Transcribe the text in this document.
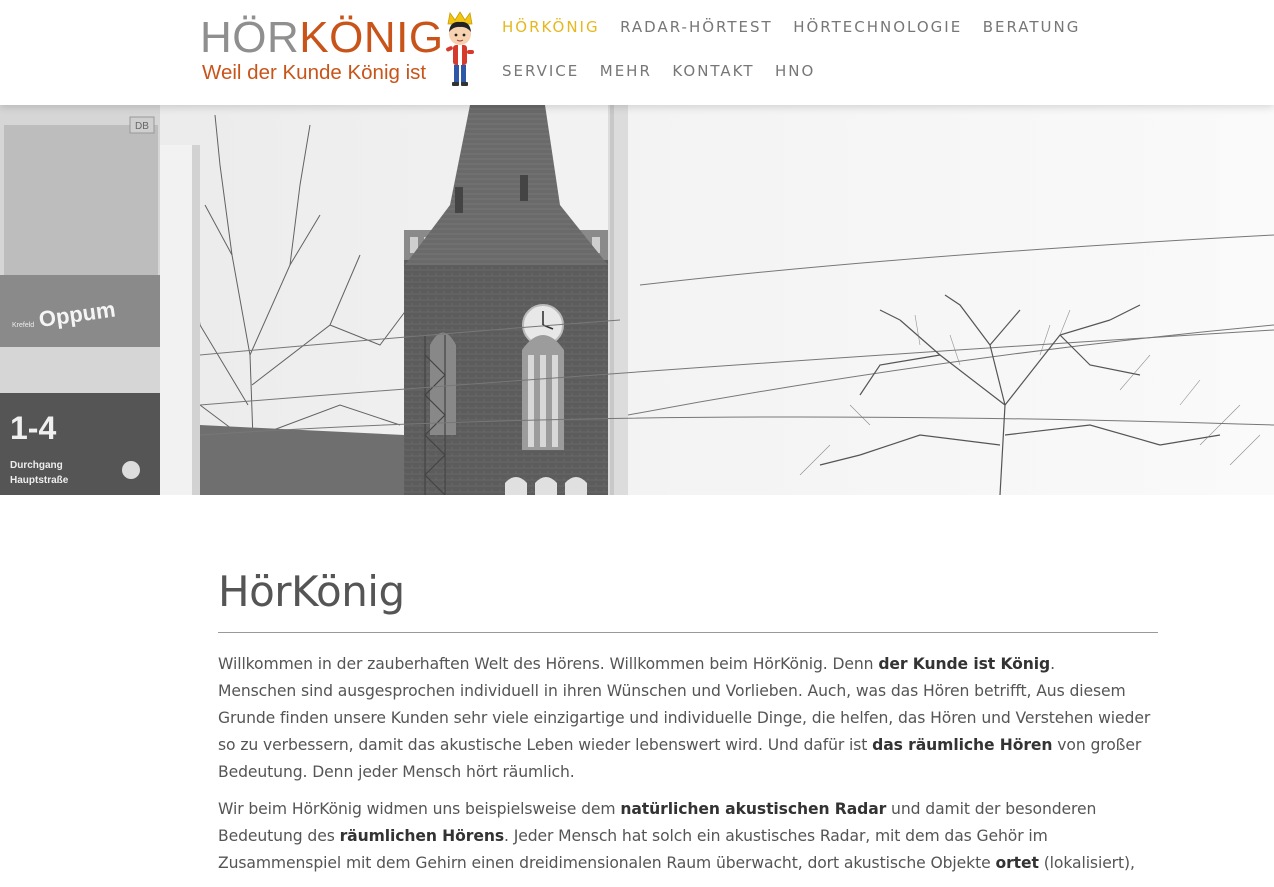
HÖRKÖNIG
Weil der Kunde König ist
HÖRKÖNIG RADAR-HÖRTEST HÖRTECHNOLOGIE BERATUNG
SERVICE MEHR KONTAKT HNO
Krefeld Oppum
1-4
Durchgang
Hauptstraße
DB
HörKönig

Willkommen in der zauberhaften Welt des Hörens. Willkommen beim HörKönig. Denn der Kunde ist König.
Menschen sind ausgesprochen individuell in ihren Wünschen und Vorlieben. Auch, was das Hören betrifft, Aus diesem Grunde finden unsere Kunden sehr viele einzigartige und individuelle Dinge, die helfen, das Hören und Verstehen wieder so zu verbessern, damit das akustische Leben wieder lebenswert wird. Und dafür ist das räumliche Hören von großer Bedeutung. Denn jeder Mensch hört räumlich.

Wir beim HörKönig widmen uns beispielsweise dem natürlichen akustischen Radar und damit der besonderen Bedeutung des räumlichen Hörens. Jeder Mensch hat solch ein akustisches Radar, mit dem das Gehör im Zusammenspiel mit dem Gehirn einen dreidimensionalen Raum überwacht, dort akustische Objekte ortet (lokalisiert),
